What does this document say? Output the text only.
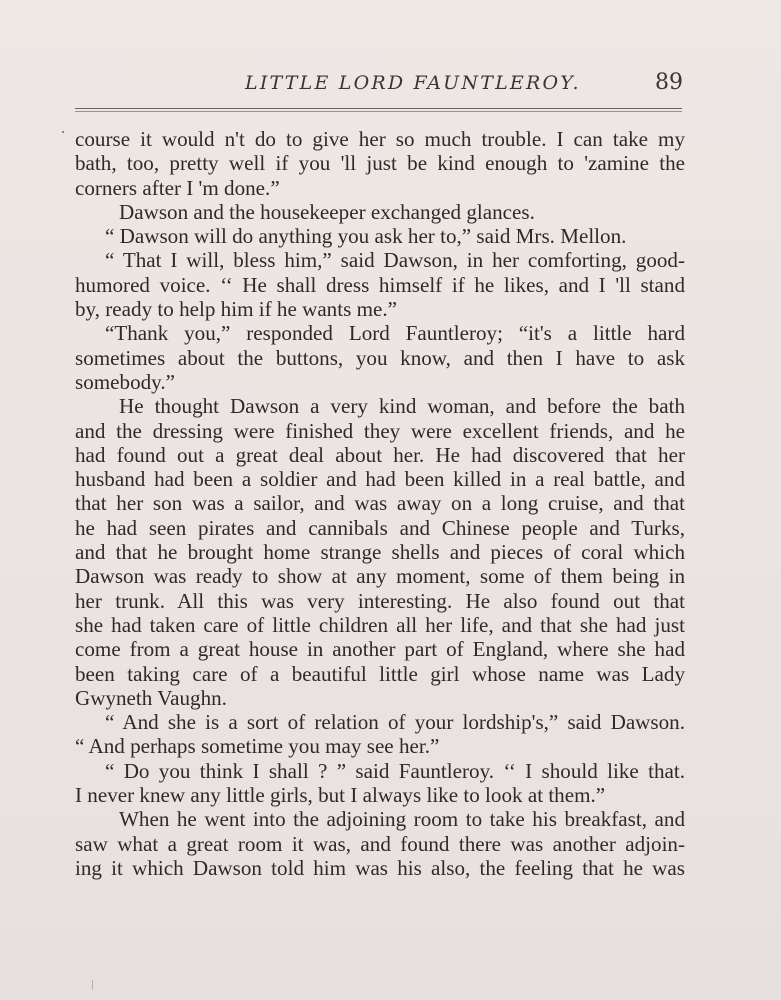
LITTLE LORD FAUNTLEROY.	89
course it would n't do to give her so much trouble. I can take my
bath, too, pretty well if you 'll just be kind enough to 'zamine the
corners after I 'm done.”
Dawson and the housekeeper exchanged glances.
“ Dawson will do anything you ask her to,” said Mrs. Mellon.
“ That I will, bless him,” said Dawson, in her comforting, good-
humored voice. ‘‘ He shall dress himself if he likes, and I 'll stand
by, ready to help him if he wants me.”
“Thank you,” responded Lord Fauntleroy; “it's a little hard
sometimes about the buttons, you know, and then I have to ask
somebody.”
He thought Dawson a very kind woman, and before the bath
and the dressing were finished they were excellent friends, and he
had found out a great deal about her. He had discovered that her
husband had been a soldier and had been killed in a real battle, and
that her son was a sailor, and was away on a long cruise, and that
he had seen pirates and cannibals and Chinese people and Turks,
and that he brought home strange shells and pieces of coral which
Dawson was ready to show at any moment, some of them being in
her trunk. All this was very interesting. He also found out that
she had taken care of little children all her life, and that she had just
come from a great house in another part of England, where she had
been taking care of a beautiful little girl whose name was Lady
Gwyneth Vaughn.
“ And she is a sort of relation of your lordship's,” said Dawson.
“ And perhaps sometime you may see her.”
“ Do you think I shall ? ” said Fauntleroy. ‘‘ I should like that.
I never knew any little girls, but I always like to look at them.”
When he went into the adjoining room to take his breakfast, and
saw what a great room it was, and found there was another adjoin-
ing it which Dawson told him was his also, the feeling that he was
